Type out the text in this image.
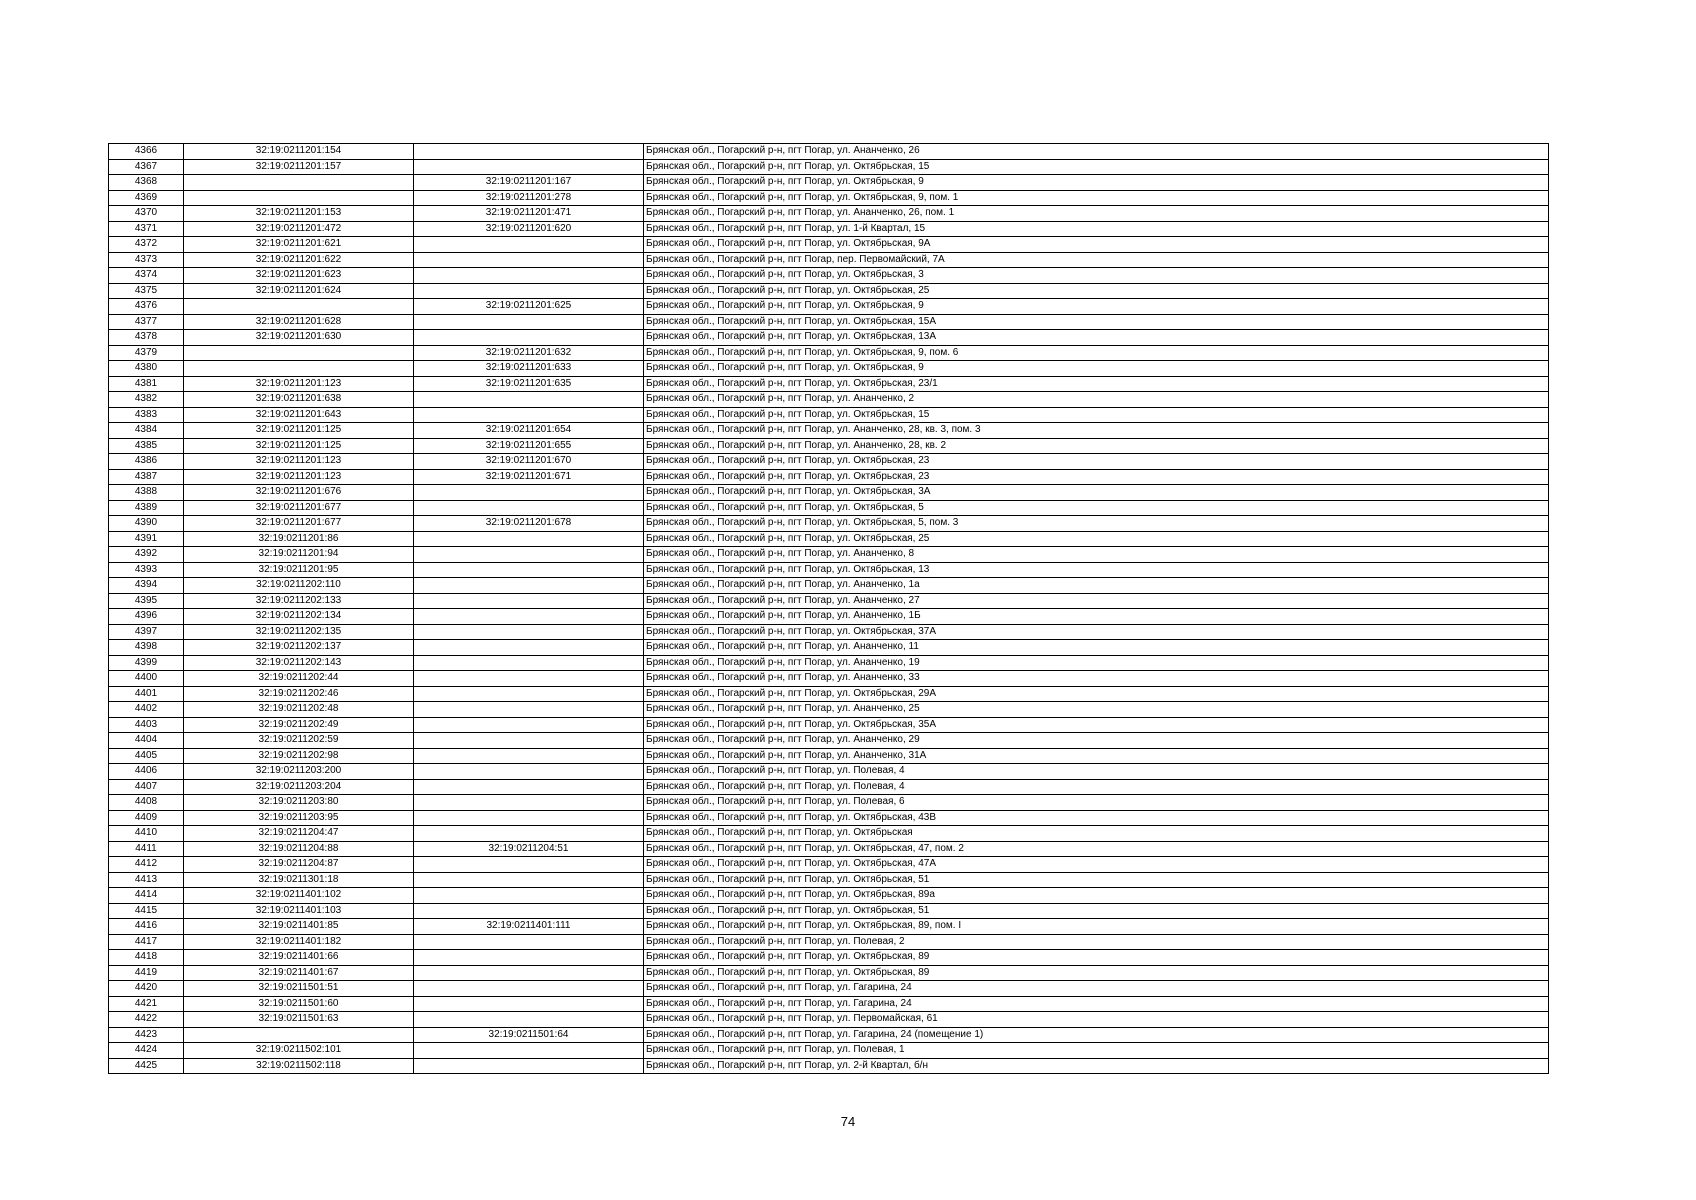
4366	32:19:0211201:154		Брянская обл., Погарский р-н, пгт Погар, ул. Ананченко, 26
4367	32:19:0211201:157		Брянская обл., Погарский р-н, пгт Погар, ул. Октябрьская, 15
4368		32:19:0211201:167	Брянская обл., Погарский р-н, пгт Погар, ул. Октябрьская, 9
4369		32:19:0211201:278	Брянская обл., Погарский р-н, пгт Погар, ул. Октябрьская, 9, пом. 1
4370	32:19:0211201:153	32:19:0211201:471	Брянская обл., Погарский р-н, пгт Погар, ул. Ананченко, 26, пом. 1
4371	32:19:0211201:472	32:19:0211201:620	Брянская обл., Погарский р-н, пгт Погар, ул. 1-й Квартал, 15
4372	32:19:0211201:621		Брянская обл., Погарский р-н, пгт Погар, ул. Октябрьская, 9А
4373	32:19:0211201:622		Брянская обл., Погарский р-н, пгт Погар, пер. Первомайский, 7А
4374	32:19:0211201:623		Брянская обл., Погарский р-н, пгт Погар, ул. Октябрьская, 3
4375	32:19:0211201:624		Брянская обл., Погарский р-н, пгт Погар, ул. Октябрьская, 25
4376		32:19:0211201:625	Брянская обл., Погарский р-н, пгт Погар, ул. Октябрьская, 9
4377	32:19:0211201:628		Брянская обл., Погарский р-н, пгт Погар, ул. Октябрьская, 15А
4378	32:19:0211201:630		Брянская обл., Погарский р-н, пгт Погар, ул. Октябрьская, 13А
4379		32:19:0211201:632	Брянская обл., Погарский р-н, пгт Погар, ул. Октябрьская, 9, пом. 6
4380		32:19:0211201:633	Брянская обл., Погарский р-н, пгт Погар, ул. Октябрьская, 9
4381	32:19:0211201:123	32:19:0211201:635	Брянская обл., Погарский р-н, пгт Погар, ул. Октябрьская, 23/1
4382	32:19:0211201:638		Брянская обл., Погарский р-н, пгт Погар, ул. Ананченко, 2
4383	32:19:0211201:643		Брянская обл., Погарский р-н, пгт Погар, ул. Октябрьская, 15
4384	32:19:0211201:125	32:19:0211201:654	Брянская обл., Погарский р-н, пгт Погар, ул. Ананченко, 28, кв. 3, пом. 3
4385	32:19:0211201:125	32:19:0211201:655	Брянская обл., Погарский р-н, пгт Погар, ул. Ананченко, 28, кв. 2
4386	32:19:0211201:123	32:19:0211201:670	Брянская обл., Погарский р-н, пгт Погар, ул. Октябрьская, 23
4387	32:19:0211201:123	32:19:0211201:671	Брянская обл., Погарский р-н, пгт Погар, ул. Октябрьская, 23
4388	32:19:0211201:676		Брянская обл., Погарский р-н, пгт Погар, ул. Октябрьская, 3А
4389	32:19:0211201:677		Брянская обл., Погарский р-н, пгт Погар, ул. Октябрьская, 5
4390	32:19:0211201:677	32:19:0211201:678	Брянская обл., Погарский р-н, пгт Погар, ул. Октябрьская, 5, пом. 3
4391	32:19:0211201:86		Брянская обл., Погарский р-н, пгт Погар, ул. Октябрьская, 25
4392	32:19:0211201:94		Брянская обл., Погарский р-н, пгт Погар, ул. Ананченко, 8
4393	32:19:0211201:95		Брянская обл., Погарский р-н, пгт Погар, ул. Октябрьская, 13
4394	32:19:0211202:110		Брянская обл., Погарский р-н, пгт Погар, ул. Ананченко, 1а
4395	32:19:0211202:133		Брянская обл., Погарский р-н, пгт Погар, ул. Ананченко, 27
4396	32:19:0211202:134		Брянская обл., Погарский р-н, пгт Погар, ул. Ананченко, 1Б
4397	32:19:0211202:135		Брянская обл., Погарский р-н, пгт Погар, ул. Октябрьская, 37А
4398	32:19:0211202:137		Брянская обл., Погарский р-н, пгт Погар, ул. Ананченко, 11
4399	32:19:0211202:143		Брянская обл., Погарский р-н, пгт Погар, ул. Ананченко, 19
4400	32:19:0211202:44		Брянская обл., Погарский р-н, пгт Погар, ул. Ананченко, 33
4401	32:19:0211202:46		Брянская обл., Погарский р-н, пгт Погар, ул. Октябрьская, 29А
4402	32:19:0211202:48		Брянская обл., Погарский р-н, пгт Погар, ул. Ананченко, 25
4403	32:19:0211202:49		Брянская обл., Погарский р-н, пгт Погар, ул. Октябрьская, 35А
4404	32:19:0211202:59		Брянская обл., Погарский р-н, пгт Погар, ул. Ананченко, 29
4405	32:19:0211202:98		Брянская обл., Погарский р-н, пгт Погар, ул. Ананченко, 31А
4406	32:19:0211203:200		Брянская обл., Погарский р-н, пгт Погар, ул. Полевая, 4
4407	32:19:0211203:204		Брянская обл., Погарский р-н, пгт Погар, ул. Полевая, 4
4408	32:19:0211203:80		Брянская обл., Погарский р-н, пгт Погар, ул. Полевая, 6
4409	32:19:0211203:95		Брянская обл., Погарский р-н, пгт Погар, ул. Октябрьская, 43В
4410	32:19:0211204:47		Брянская обл., Погарский р-н, пгт Погар, ул. Октябрьская
4411	32:19:0211204:88	32:19:0211204:51	Брянская обл., Погарский р-н, пгт Погар, ул. Октябрьская, 47, пом. 2
4412	32:19:0211204:87		Брянская обл., Погарский р-н, пгт Погар, ул. Октябрьская, 47А
4413	32:19:0211301:18		Брянская обл., Погарский р-н, пгт Погар, ул. Октябрьская, 51
4414	32:19:0211401:102		Брянская обл., Погарский р-н, пгт Погар, ул. Октябрьская, 89а
4415	32:19:0211401:103		Брянская обл., Погарский р-н, пгт Погар, ул. Октябрьская, 51
4416	32:19:0211401:85	32:19:0211401:111	Брянская обл., Погарский р-н, пгт Погар, ул. Октябрьская, 89, пом. I
4417	32:19:0211401:182		Брянская обл., Погарский р-н, пгт Погар, ул. Полевая, 2
4418	32:19:0211401:66		Брянская обл., Погарский р-н, пгт Погар, ул. Октябрьская, 89
4419	32:19:0211401:67		Брянская обл., Погарский р-н, пгт Погар, ул. Октябрьская, 89
4420	32:19:0211501:51		Брянская обл., Погарский р-н, пгт Погар, ул. Гагарина, 24
4421	32:19:0211501:60		Брянская обл., Погарский р-н, пгт Погар, ул. Гагарина, 24
4422	32:19:0211501:63		Брянская обл., Погарский р-н, пгт Погар, ул. Первомайская, 61
4423		32:19:0211501:64	Брянская обл., Погарский р-н, пгт Погар, ул. Гагарина, 24 (помещение 1)
4424	32:19:0211502:101		Брянская обл., Погарский р-н, пгт Погар, ул. Полевая, 1
4425	32:19:0211502:118		Брянская обл., Погарский р-н, пгт Погар, ул. 2-й Квартал, б/н
74
